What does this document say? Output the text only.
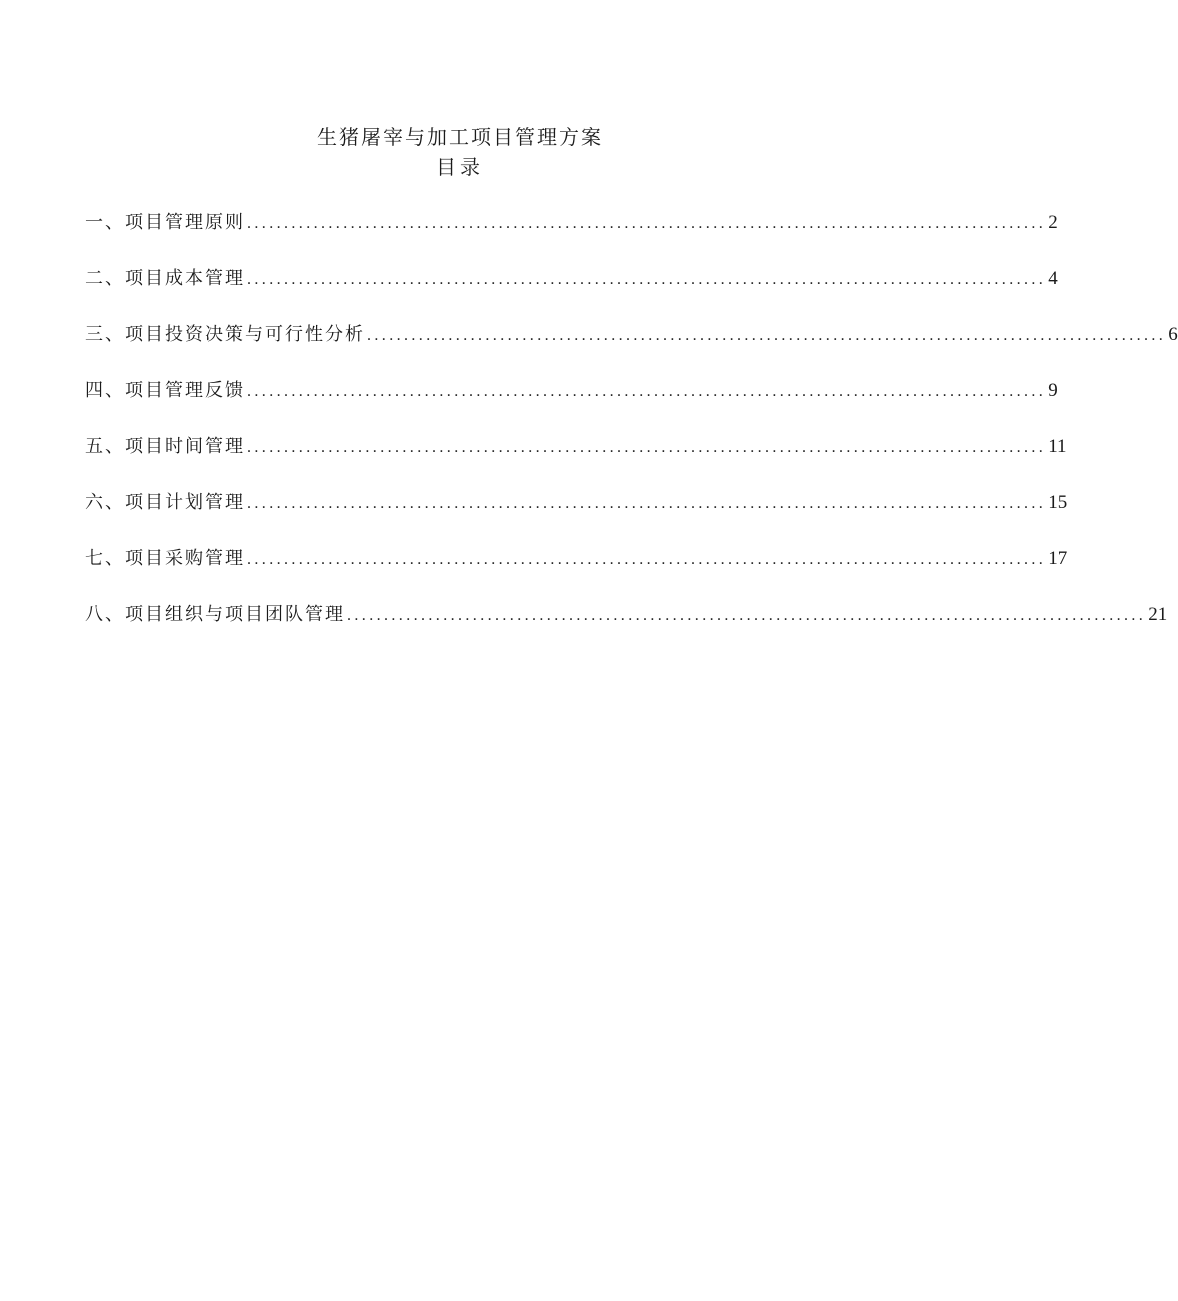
生猪屠宰与加工项目管理方案
目录
一、项目管理原则 ............................................................................................................ 2
二、项目成本管理 ............................................................................................................ 4
三、项目投资决策与可行性分析 ............................................................................................................ 6
四、项目管理反馈 ............................................................................................................ 9
五、项目时间管理 ............................................................................................................ 11
六、项目计划管理 ............................................................................................................ 15
七、项目采购管理 ............................................................................................................ 17
八、项目组织与项目团队管理 ............................................................................................................ 21
